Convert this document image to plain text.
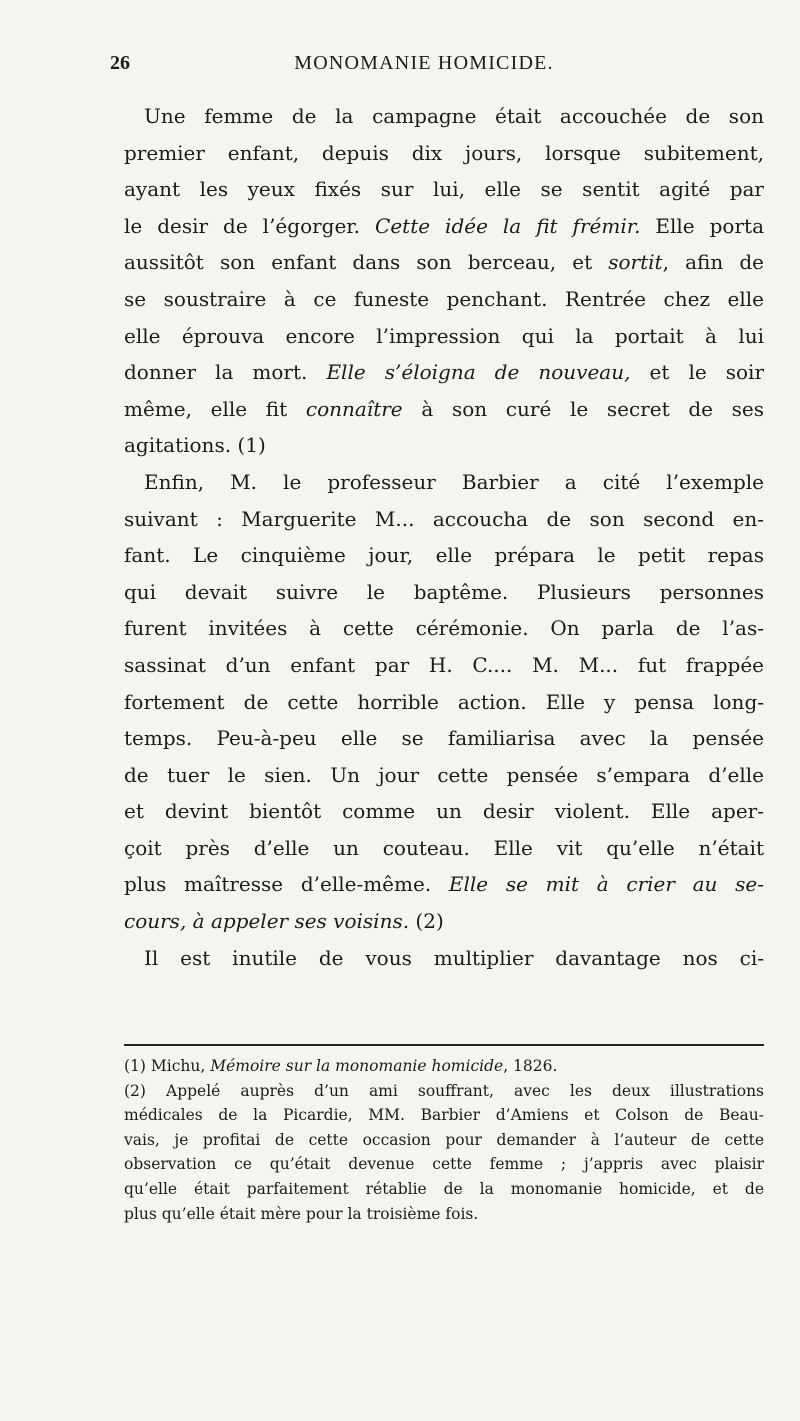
26	MONOMANIE HOMICIDE.
Une femme de la campagne était accouchée de son
premier enfant, depuis dix jours, lorsque subitement,
ayant les yeux fixés sur lui, elle se sentit agité par
le desir de l’égorger. Cette idée la fit frémir. Elle porta
aussitôt son enfant dans son berceau, et sortit, afin de
se soustraire à ce funeste penchant. Rentrée chez elle
elle éprouva encore l’impression qui la portait à lui
donner la mort. Elle s’éloigna de nouveau, et le soir
même, elle fit connaître à son curé le secret de ses
agitations. (1)
Enfin, M. le professeur Barbier a cité l’exemple
suivant : Marguerite M... accoucha de son second en-
fant. Le cinquième jour, elle prépara le petit repas
qui devait suivre le baptême. Plusieurs personnes
furent invitées à cette cérémonie. On parla de l’as-
sassinat d’un enfant par H. C.... M. M... fut frappée
fortement de cette horrible action. Elle y pensa long-
temps. Peu-à-peu elle se familiarisa avec la pensée
de tuer le sien. Un jour cette pensée s’empara d’elle
et devint bientôt comme un desir violent. Elle aper-
çoit près d’elle un couteau. Elle vit qu’elle n’était
plus maîtresse d’elle-même. Elle se mit à crier au se-
cours, à appeler ses voisins. (2)
Il est inutile de vous multiplier davantage nos ci-
(1) Michu, Mémoire sur la monomanie homicide, 1826.
(2) Appelé auprès d’un ami souffrant, avec les deux illustrations
médicales de la Picardie, MM. Barbier d’Amiens et Colson de Beau-
vais, je profitai de cette occasion pour demander à l’auteur de cette
observation ce qu’était devenue cette femme ; j’appris avec plaisir
qu’elle était parfaitement rétablie de la monomanie homicide, et de
plus qu’elle était mère pour la troisième fois.
